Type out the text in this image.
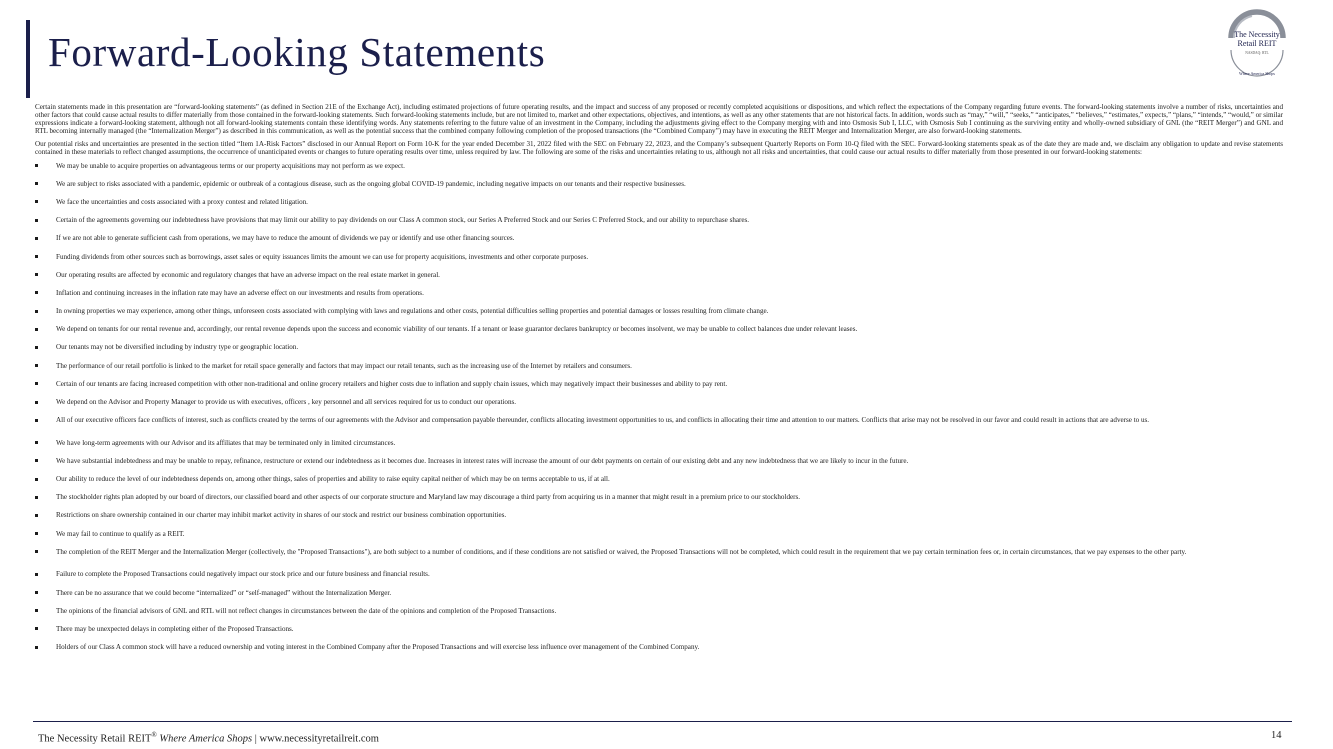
Forward-Looking Statements	The Necessity
Retail REIT
NASDAQ: RTL
Where America Shops

Certain statements made in this presentation are “forward-looking statements” (as defined in Section 21E of the Exchange Act), including estimated projections of future operating results, and the impact and success of any proposed or recently completed acquisitions or dispositions, and which reflect the expectations of the Company regarding future events. The forward-looking statements involve a number of risks, uncertainties and other factors that could cause actual results to differ materially from those contained in the forward-looking statements. Such forward-looking statements include, but are not limited to, market and other expectations, objectives, and intentions, as well as any other statements that are not historical facts. In addition, words such as “may,” “will,” “seeks,” “anticipates,” “believes,” “estimates,” expects,” “plans,” “intends,” “would,” or similar expressions indicate a forward-looking statement, although not all forward-looking statements contain these identifying words. Any statements referring to the future value of an investment in the Company, including the adjustments giving effect to the Company merging with and into Osmosis Sub I, LLC, with Osmosis Sub I continuing as the surviving entity and wholly-owned subsidiary of GNL (the “REIT Merger”) and GNL and RTL becoming internally managed (the “Internalization Merger”) as described in this communication, as well as the potential success that the combined company following completion of the proposed transactions (the “Combined Company”) may have in executing the REIT Merger and Internalization Merger, are also forward-looking statements.

Our potential risks and uncertainties are presented in the section titled “Item 1A-Risk Factors” disclosed in our Annual Report on Form 10-K for the year ended December 31, 2022 filed with the SEC on February 22, 2023, and the Company’s subsequent Quarterly Reports on Form 10-Q filed with the SEC. Forward-looking statements speak as of the date they are made and, we disclaim any obligation to update and revise statements contained in these materials to reflect changed assumptions, the occurrence of unanticipated events or changes to future operating results over time, unless required by law. The following are some of the risks and uncertainties relating to us, although not all risks and uncertainties, that could cause our actual results to differ materially from those presented in our forward-looking statements:

We may be unable to acquire properties on advantageous terms or our property acquisitions may not perform as we expect.
We are subject to risks associated with a pandemic, epidemic or outbreak of a contagious disease, such as the ongoing global COVID-19 pandemic, including negative impacts on our tenants and their respective businesses.
We face the uncertainties and costs associated with a proxy contest and related litigation.
Certain of the agreements governing our indebtedness have provisions that may limit our ability to pay dividends on our Class A common stock, our Series A Preferred Stock and our Series C Preferred Stock, and our ability to repurchase shares.
If we are not able to generate sufficient cash from operations, we may have to reduce the amount of dividends we pay or identify and use other financing sources.
Funding dividends from other sources such as borrowings, asset sales or equity issuances limits the amount we can use for property acquisitions, investments and other corporate purposes.
Our operating results are affected by economic and regulatory changes that have an adverse impact on the real estate market in general.
Inflation and continuing increases in the inflation rate may have an adverse effect on our investments and results from operations.
In owning properties we may experience, among other things, unforeseen costs associated with complying with laws and regulations and other costs, potential difficulties selling properties and potential damages or losses resulting from climate change.
We depend on tenants for our rental revenue and, accordingly, our rental revenue depends upon the success and economic viability of our tenants. If a tenant or lease guarantor declares bankruptcy or becomes insolvent, we may be unable to collect balances due under relevant leases.
Our tenants may not be diversified including by industry type or geographic location.
The performance of our retail portfolio is linked to the market for retail space generally and factors that may impact our retail tenants, such as the increasing use of the Internet by retailers and consumers.
Certain of our tenants are facing increased competition with other non-traditional and online grocery retailers and higher costs due to inflation and supply chain issues, which may negatively impact their businesses and ability to pay rent.
We depend on the Advisor and Property Manager to provide us with executives, officers , key personnel and all services required for us to conduct our operations.
All of our executive officers face conflicts of interest, such as conflicts created by the terms of our agreements with the Advisor and compensation payable thereunder, conflicts allocating investment opportunities to us, and conflicts in allocating their time and attention to our matters. Conflicts that arise may not be resolved in our favor and could result in actions that are adverse to us.
We have long-term agreements with our Advisor and its affiliates that may be terminated only in limited circumstances.
We have substantial indebtedness and may be unable to repay, refinance, restructure or extend our indebtedness as it becomes due. Increases in interest rates will increase the amount of our debt payments on certain of our existing debt and any new indebtedness that we are likely to incur in the future.
Our ability to reduce the level of our indebtedness depends on, among other things, sales of properties and ability to raise equity capital neither of which may be on terms acceptable to us, if at all.
The stockholder rights plan adopted by our board of directors, our classified board and other aspects of our corporate structure and Maryland law may discourage a third party from acquiring us in a manner that might result in a premium price to our stockholders.
Restrictions on share ownership contained in our charter may inhibit market activity in shares of our stock and restrict our business combination opportunities.
We may fail to continue to qualify as a REIT.
The completion of the REIT Merger and the Internalization Merger (collectively, the "Proposed Transactions"), are both subject to a number of conditions, and if these conditions are not satisfied or waived, the Proposed Transactions will not be completed, which could result in the requirement that we pay certain termination fees or, in certain circumstances, that we pay expenses to the other party.
Failure to complete the Proposed Transactions could negatively impact our stock price and our future business and financial results.
There can be no assurance that we could become “internalized” or “self-managed” without the Internalization Merger.
The opinions of the financial advisors of GNL and RTL will not reflect changes in circumstances between the date of the opinions and completion of the Proposed Transactions.
There may be unexpected delays in completing either of the Proposed Transactions.
Holders of our Class A common stock will have a reduced ownership and voting interest in the Combined Company after the Proposed Transactions and will exercise less influence over management of the Combined Company.
The Necessity Retail REIT® Where America Shops | www.necessityretailreit.com	14
